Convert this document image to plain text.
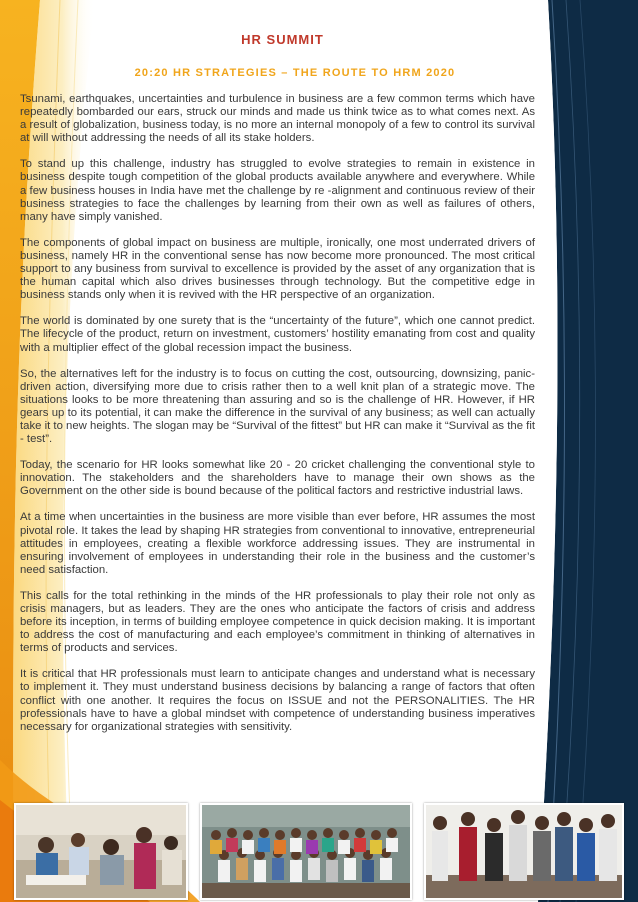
HR SUMMIT
20:20 HR STRATEGIES – THE ROUTE TO HRM 2020

Tsunami, earthquakes, uncertainties and turbulence in business are a few common terms which have repeatedly bombarded our ears, struck our minds and made us think twice as to what comes next. As a result of globalization, business today, is no more an internal monopoly of a few to control its survival at will without addressing the needs of all its stake holders.

To stand up this challenge, industry has struggled to evolve strategies to remain in existence in business despite tough competition of the global products available anywhere and everywhere. While a few business houses in India have met the challenge by re -alignment and continuous review of their business strategies to face the challenges by learning from their own as well as failures of others, many have simply vanished.

The components of global impact on business are multiple, ironically, one most underrated drivers of business, namely HR in the conventional sense has now become more pronounced. The most critical support to any business from survival to excellence is provided by the asset of any organization that is the human capital which also drives businesses through technology. But the competitive edge in business stands only when it is revived with the HR perspective of an organization.

The world is dominated by one surety that is the “uncertainty of the future”, which one cannot predict. The lifecycle of the product, return on investment, customers’ hostility emanating from cost and quality with a multiplier effect of the global recession impact the business.

So, the alternatives left for the industry is to focus on cutting the cost, outsourcing, downsizing, panic-driven action, diversifying more due to crisis rather then to a well knit plan of a strategic move. The situations looks to be more threatening than assuring and so is the challenge of HR. However, if HR gears up to its potential, it can make the difference in the survival of any business; as well can actually take it to new heights. The slogan may be “Survival of the fittest” but HR can make it “Survival as the fit - test”.

Today, the scenario for HR looks somewhat like 20 - 20 cricket challenging the conventional style to innovation. The stakeholders and the shareholders have to manage their own shows as the Government on the other side is bound because of the political factors and restrictive industrial laws.

At a time when uncertainties in the business are more visible than ever before, HR assumes the most pivotal role. It takes the lead by shaping HR strategies from conventional to innovative, entrepreneurial attitudes in employees, creating a flexible workforce addressing issues. They are instrumental in ensuring involvement of employees in understanding their role in the business and the customer’s need satisfaction.

This calls for the total rethinking in the minds of the HR professionals to play their role not only as crisis managers, but as leaders. They are the ones who anticipate the factors of crisis and address before its inception, in terms of building employee competence in quick decision making. It is important to address the cost of manufacturing and each employee’s commitment in thinking of alternatives in terms of products and services.

It is critical that HR professionals must learn to anticipate changes and understand what is necessary to implement it. They must understand business decisions by balancing a range of factors that often conflict with one another. It requires the focus on ISSUE and not the PERSONALITIES. The HR professionals have to have a global mindset with competence of understanding business imperatives necessary for organizational strategies with sensitivity.
